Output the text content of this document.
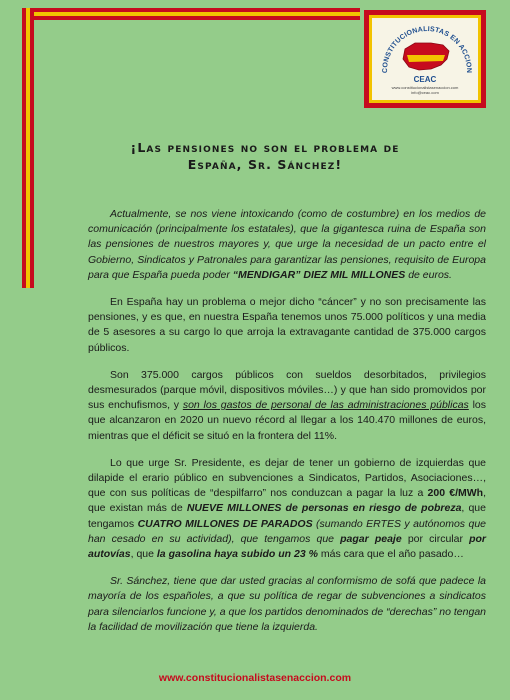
CONSTITUCIONALISTAS EN ACCION
CEAC
www.constitucionalistasenaccion.com
info@ceac.com
¡Las pensiones no son el problema de
España, Sr. Sánchez!

Actualmente, se nos viene intoxicando (como de costumbre) en los medios de comunicación (principalmente los estatales), que la gigantesca ruina de España son las pensiones de nuestros mayores y, que urge la necesidad de un pacto entre el Gobierno, Sindicatos y Patronales para garantizar las pensiones, requisito de Europa para que España pueda poder “MENDIGAR” DIEZ MIL MILLONES de euros.

En España hay un problema o mejor dicho “cáncer” y no son precisamente las pensiones, y es que, en nuestra España tenemos unos 75.000 políticos y una media de 5 asesores a su cargo lo que arroja la extravagante cantidad de 375.000 cargos públicos.

Son 375.000 cargos públicos con sueldos desorbitados, privilegios desmesurados (parque móvil, dispositivos móviles…) y que han sido promovidos por sus enchufismos, y son los gastos de personal de las administraciones públicas los que alcanzaron en 2020 un nuevo récord al llegar a los 140.470 millones de euros, mientras que el déficit se situó en la frontera del 11%.

Lo que urge Sr. Presidente, es dejar de tener un gobierno de izquierdas que dilapide el erario público en subvenciones a Sindicatos, Partidos, Asociaciones…, que con sus políticas de “despilfarro” nos conduzcan a pagar la luz a 200 €/MWh, que existan más de NUEVE MILLONES de personas en riesgo de pobreza, que tengamos CUATRO MILLONES DE PARADOS (sumando ERTES y autónomos que han cesado en su actividad), que tengamos que pagar peaje por circular por autovías, que la gasolina haya subido un 23 % más cara que el año pasado…

Sr. Sánchez, tiene que dar usted gracias al conformismo de sofá que padece la mayoría de los españoles, a que su política de regar de subvenciones a sindicatos para silenciarlos funcione y, a que los partidos denominados de “derechas” no tengan la facilidad de movilización que tiene la izquierda.

www.constitucionalistasenaccion.com
